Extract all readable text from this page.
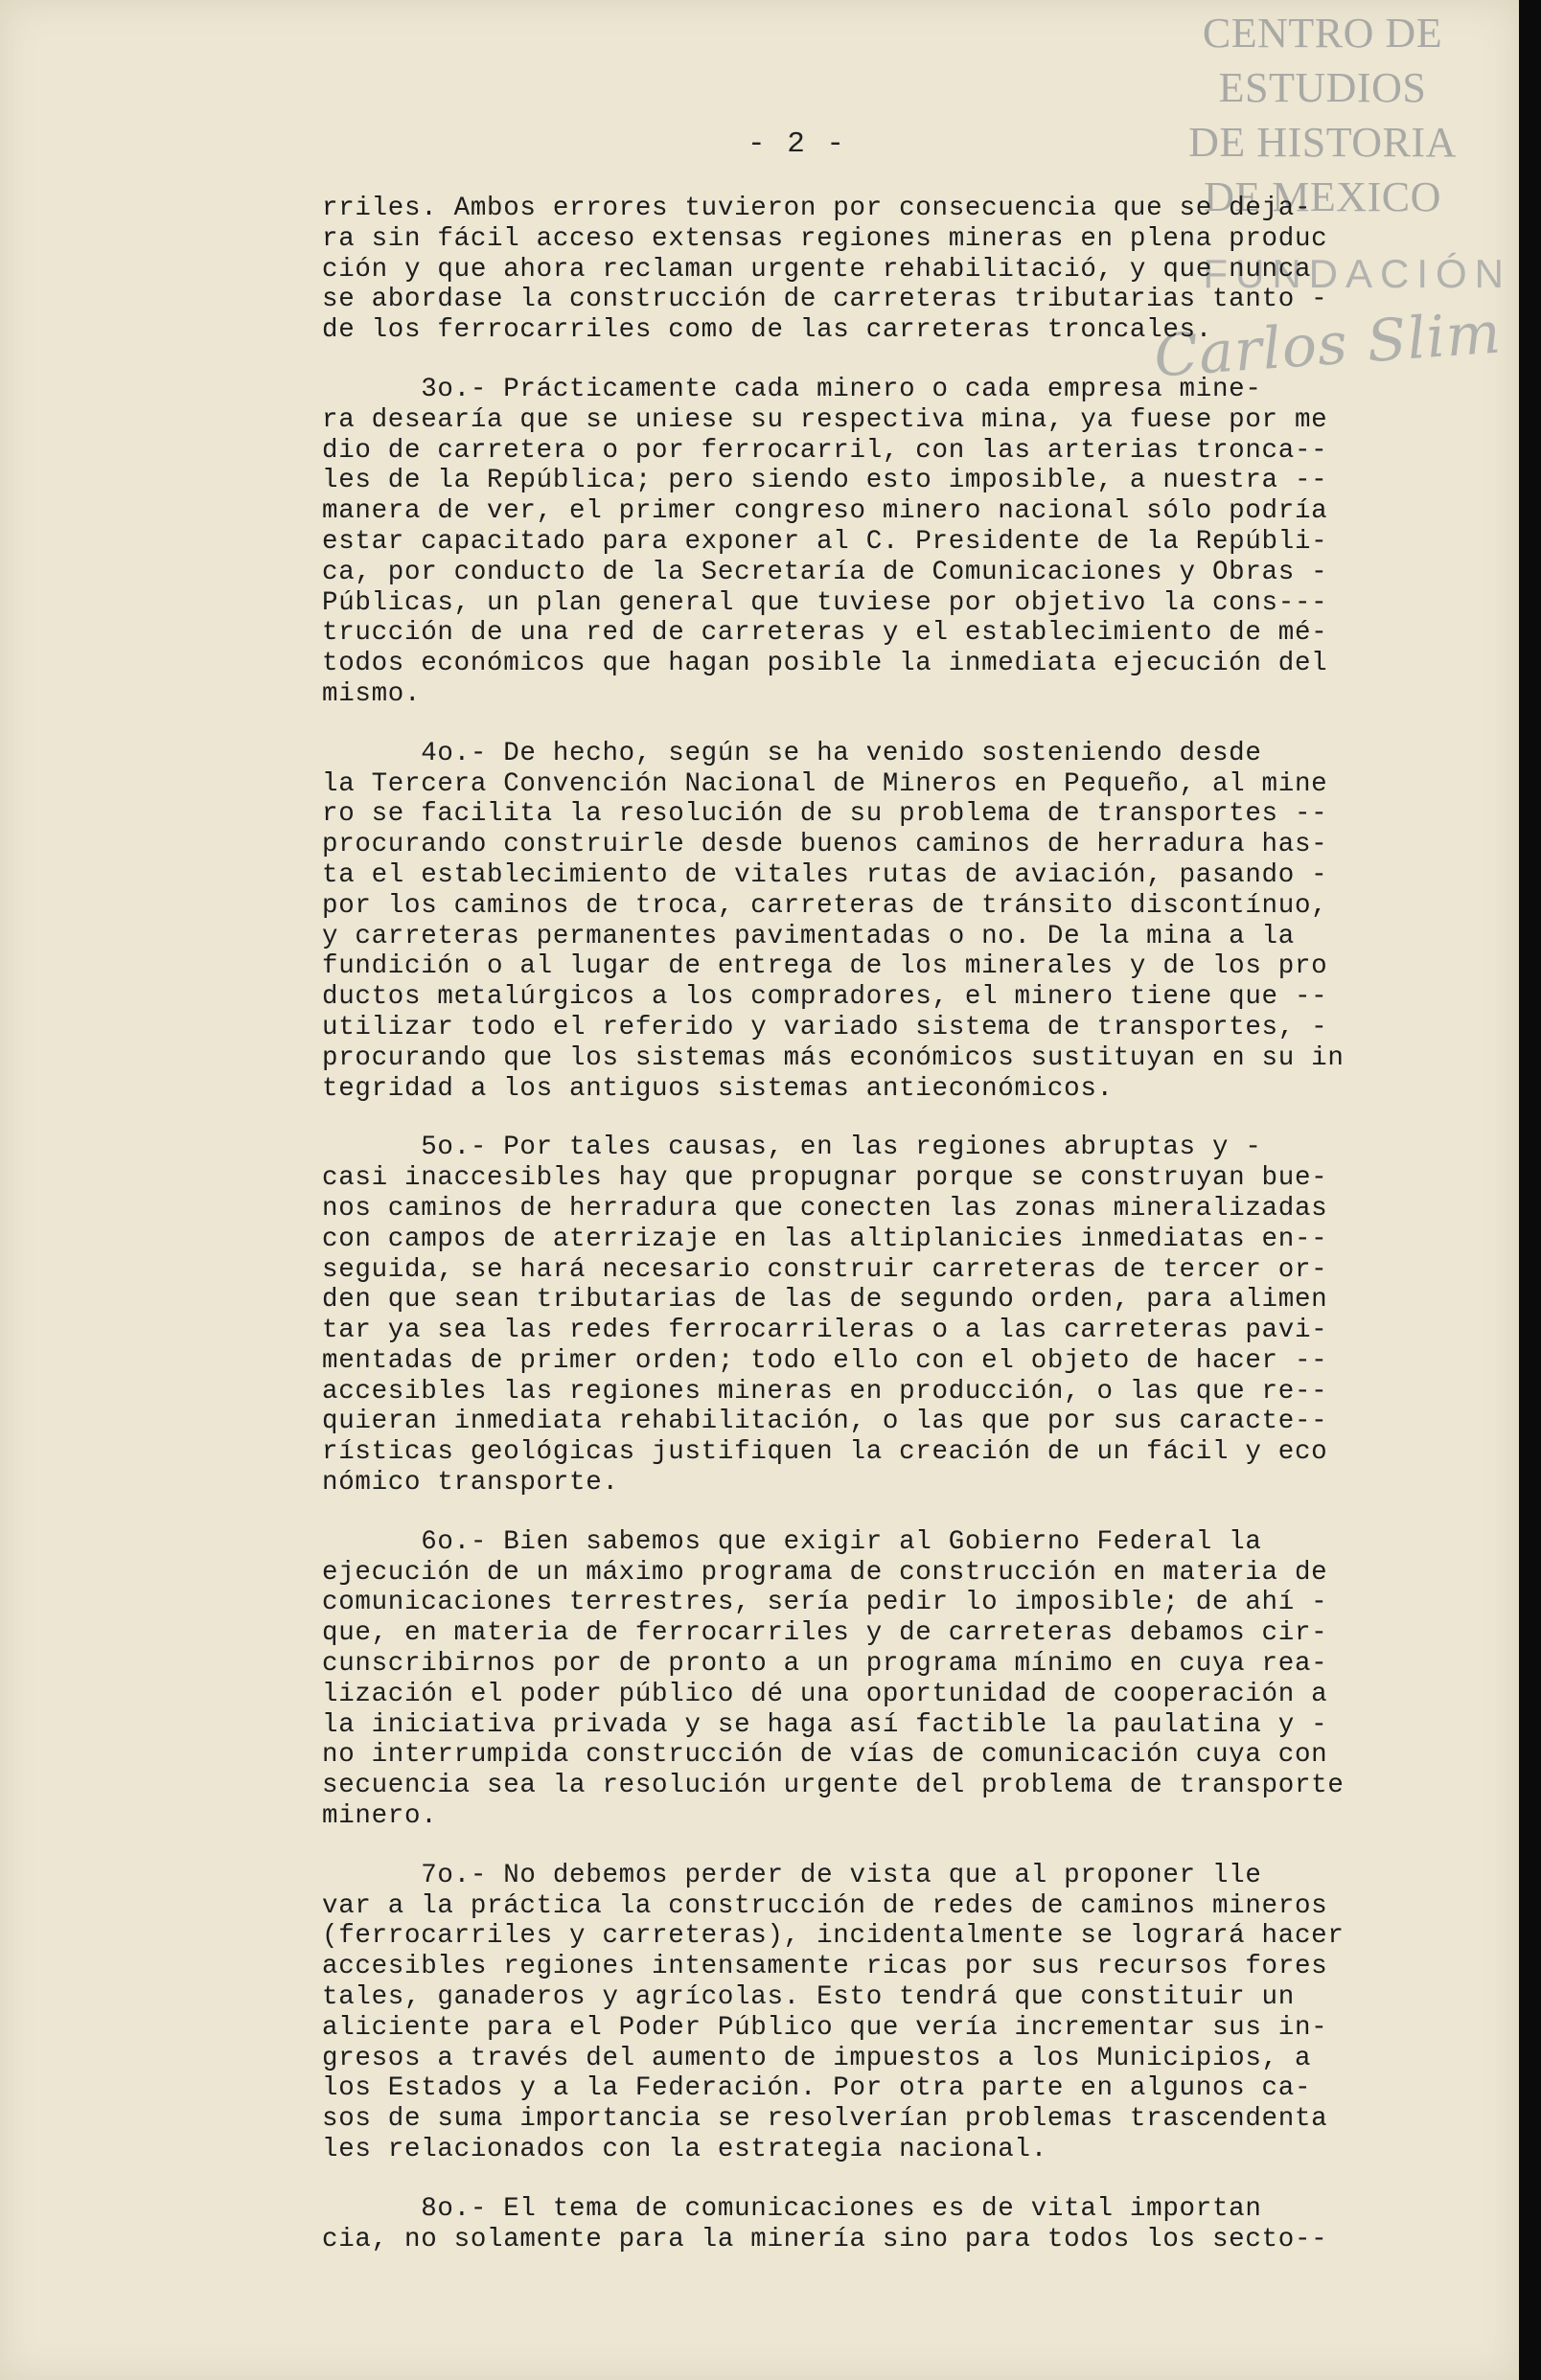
CENTRO DE
ESTUDIOS
DE HISTORIA
DE MEXICO
FUNDACIÓN
Carlos Slim
- 2 -
rriles. Ambos errores tuvieron por consecuencia que se deja-
ra sin fácil acceso extensas regiones mineras en plena produc
ción y que ahora reclaman urgente rehabilitació, y que nunca
se abordase la construcción de carreteras tributarias tanto -
de los ferrocarriles como de las carreteras troncales.
3o.- Prácticamente cada minero o cada empresa mine-
ra desearía que se uniese su respectiva mina, ya fuese por me
dio de carretera o por ferrocarril, con las arterias tronca--
les de la República; pero siendo esto imposible, a nuestra --
manera de ver, el primer congreso minero nacional sólo podría
estar capacitado para exponer al C. Presidente de la Repúbli-
ca, por conducto de la Secretaría de Comunicaciones y Obras -
Públicas, un plan general que tuviese por objetivo la cons---
trucción de una red de carreteras y el establecimiento de mé-
todos económicos que hagan posible la inmediata ejecución del
mismo.
4o.- De hecho, según se ha venido sosteniendo desde
la Tercera Convención Nacional de Mineros en Pequeño, al mine
ro se facilita la resolución de su problema de transportes --
procurando construirle desde buenos caminos de herradura has-
ta el establecimiento de vitales rutas de aviación, pasando -
por los caminos de troca, carreteras de tránsito discontínuo,
y carreteras permanentes pavimentadas o no. De la mina a la
fundición o al lugar de entrega de los minerales y de los pro
ductos metalúrgicos a los compradores, el minero tiene que --
utilizar todo el referido y variado sistema de transportes, -
procurando que los sistemas más económicos sustituyan en su in
tegridad a los antiguos sistemas antieconómicos.
5o.- Por tales causas, en las regiones abruptas y -
casi inaccesibles hay que propugnar porque se construyan bue-
nos caminos de herradura que conecten las zonas mineralizadas
con campos de aterrizaje en las altiplanicies inmediatas en--
seguida, se hará necesario construir carreteras de tercer or-
den que sean tributarias de las de segundo orden, para alimen
tar ya sea las redes ferrocarrileras o a las carreteras pavi-
mentadas de primer orden; todo ello con el objeto de hacer --
accesibles las regiones mineras en producción, o las que re--
quieran inmediata rehabilitación, o las que por sus caracte--
rísticas geológicas justifiquen la creación de un fácil y eco
nómico transporte.
6o.- Bien sabemos que exigir al Gobierno Federal la
ejecución de un máximo programa de construcción en materia de
comunicaciones terrestres, sería pedir lo imposible; de ahí -
que, en materia de ferrocarriles y de carreteras debamos cir-
cunscribirnos por de pronto a un programa mínimo en cuya rea-
lización el poder público dé una oportunidad de cooperación a
la iniciativa privada y se haga así factible la paulatina y -
no interrumpida construcción de vías de comunicación cuya con
secuencia sea la resolución urgente del problema de transporte
minero.
7o.- No debemos perder de vista que al proponer lle
var a la práctica la construcción de redes de caminos mineros
(ferrocarriles y carreteras), incidentalmente se logrará hacer
accesibles regiones intensamente ricas por sus recursos fores
tales, ganaderos y agrícolas. Esto tendrá que constituir un
aliciente para el Poder Público que vería incrementar sus in-
gresos a través del aumento de impuestos a los Municipios, a
los Estados y a la Federación. Por otra parte en algunos ca-
sos de suma importancia se resolverían problemas trascendenta
les relacionados con la estrategia nacional.
8o.- El tema de comunicaciones es de vital importan
cia, no solamente para la minería sino para todos los secto--
